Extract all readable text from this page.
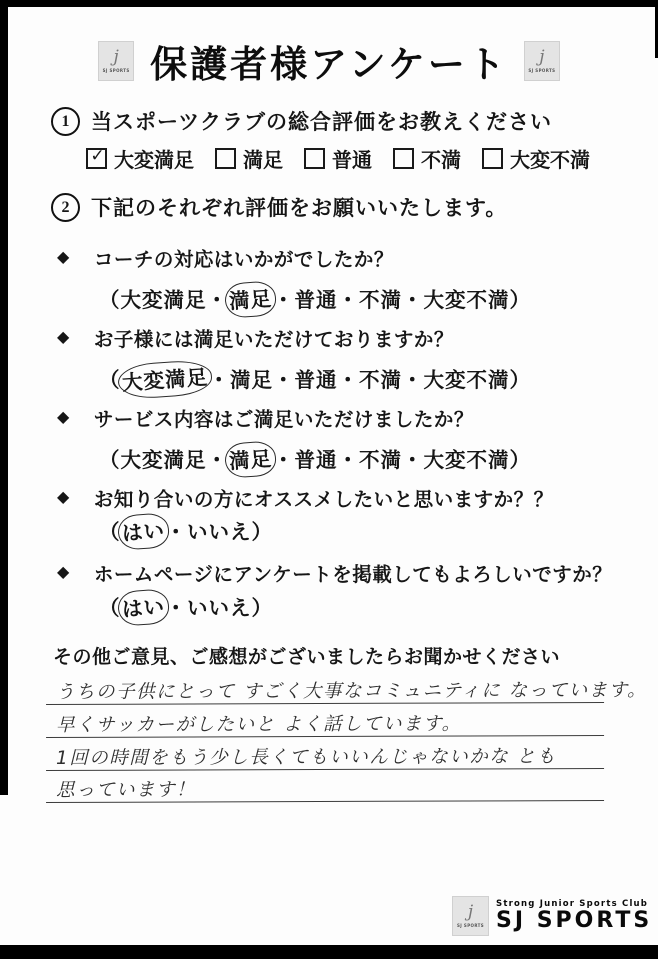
j
SJ SPORTS 保護者様アンケート j
SJ SPORTS
1	当スポーツクラブの総合評価をお教えください
✓ 大変満足 満足 普通 不満 大変不満
2	下記のそれぞれ評価をお願いいたします。
◆ コーチの対応はいかがでしたか？
（大変満足・満足・普通・不満・大変不満）
◆ お子様には満足いただけておりますか？
（大変満足・満足・普通・不満・大変不満）
◆ サービス内容はご満足いただけましたか？
（大変満足・満足・普通・不満・大変不満）
◆ お知り合いの方にオススメしたいと思いますか？？
（はい・いいえ）
◆ ホームページにアンケートを掲載してもよろしいですか？
（はい・いいえ）
その他ご意見、ご感想がございましたらお聞かせください
うちの子供にとって すごく大事なコミュニティに なっています。
早くサッカーがしたいと よく話しています。
1回の時間をもう少し長くてもいいんじゃないかな とも
思っています！
j
SJ SPORTS
Strong Junior Sports Club
SJ SPORTS
